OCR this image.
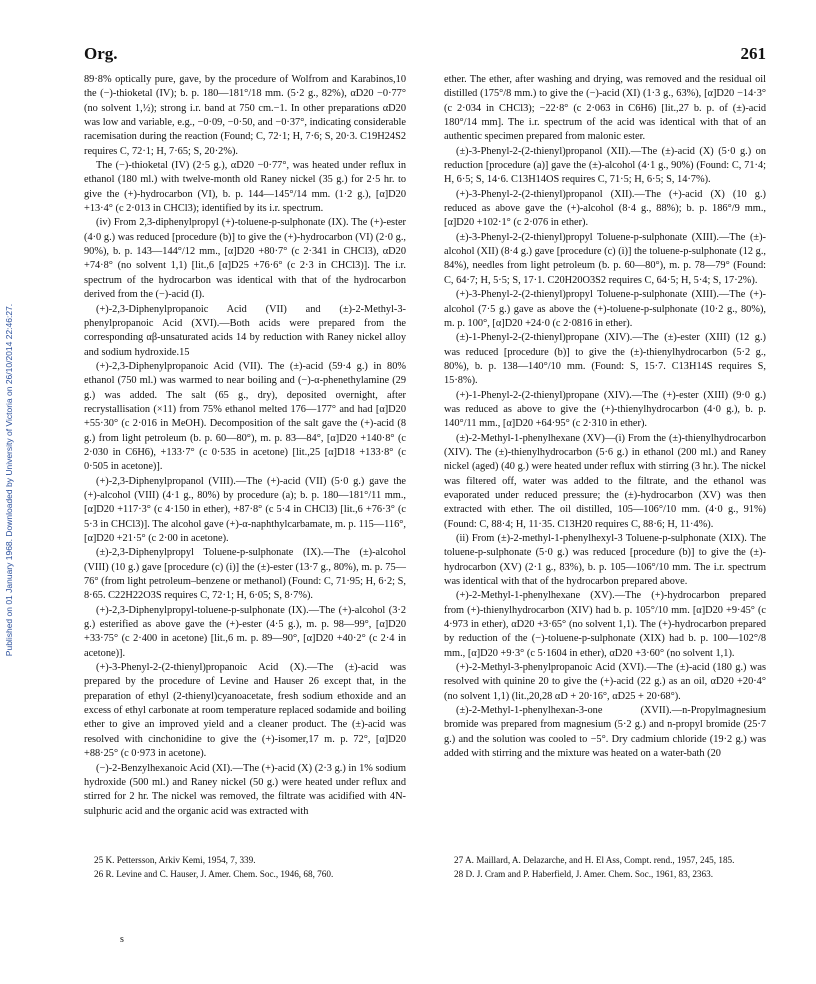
Published on 01 January 1968. Downloaded by University of Victoria on 26/10/2014 22:46:27.
Org.	261

89·8% optically pure, gave, by the procedure of Wolfrom and Karabinos,10 the (−)-thioketal (IV); b. p. 180—181°/18 mm. (5·2 g., 82%), αD20 −0·77° (no solvent 1,½); strong i.r. band at 750 cm.−1. In other preparations αD20 was low and variable, e.g., −0·09, −0·50, and −0·37°, indicating considerable racemisation during the reaction (Found; C, 72·1; H, 7·6; S, 20·3. C19H24S2 requires C, 72·1; H, 7·65; S, 20·2%).

The (−)-thioketal (IV) (2·5 g.), αD20 −0·77°, was heated under reflux in ethanol (180 ml.) with twelve-month old Raney nickel (35 g.) for 2·5 hr. to give the (+)-hydrocarbon (VI), b. p. 144—145°/14 mm. (1·2 g.), [α]D20 +13·4° (c 2·013 in CHCl3); identified by its i.r. spectrum.

(iv) From 2,3-diphenylpropyl (+)-toluene-p-sulphonate (IX). The (+)-ester (4·0 g.) was reduced [procedure (b)] to give the (+)-hydrocarbon (VI) (2·0 g., 90%), b. p. 143—144°/12 mm., [α]D20 +80·7° (c 2·341 in CHCl3), αD20 +74·8° (no solvent 1,1) [lit.,6 [α]D25 +76·6° (c 2·3 in CHCl3)]. The i.r. spectrum of the hydrocarbon was identical with that of the hydrocarbon derived from the (−)-acid (I).

(+)-2,3-Diphenylpropanoic Acid (VII) and (±)-2-Methyl-3-phenylpropanoic Acid (XVI).—Both acids were prepared from the corresponding αβ-unsaturated acids 14 by reduction with Raney nickel alloy and sodium hydroxide.15

(+)-2,3-Diphenylpropanoic Acid (VII). The (±)-acid (59·4 g.) in 80% ethanol (750 ml.) was warmed to near boiling and (−)-α-phenethylamine (29 g.) was added. The salt (65 g., dry), deposited overnight, after recrystallisation (×11) from 75% ethanol melted 176—177° and had [α]D20 +55·30° (c 2·016 in MeOH). Decomposition of the salt gave the (+)-acid (8 g.) from light petroleum (b. p. 60—80°), m. p. 83—84°, [α]D20 +140·8° (c 2·030 in C6H6), +133·7° (c 0·535 in acetone) [lit.,25 [α]D18 +133·8° (c 0·505 in acetone)].

(+)-2,3-Diphenylpropanol (VIII).—The (+)-acid (VII) (5·0 g.) gave the (+)-alcohol (VIII) (4·1 g., 80%) by procedure (a); b. p. 180—181°/11 mm., [α]D20 +117·3° (c 4·150 in ether), +87·8° (c 5·4 in CHCl3) [lit.,6 +76·3° (c 5·3 in CHCl3)]. The alcohol gave (+)-α-naphthylcarbamate, m. p. 115—116°, [α]D20 +21·5° (c 2·00 in acetone).

(±)-2,3-Diphenylpropyl Toluene-p-sulphonate (IX).—The (±)-alcohol (VIII) (10 g.) gave [procedure (c) (i)] the (±)-ester (13·7 g., 80%), m. p. 75—76° (from light petroleum–benzene or methanol) (Found: C, 71·95; H, 6·2; S, 8·65. C22H22O3S requires C, 72·1; H, 6·05; S, 8·7%).

(+)-2,3-Diphenylpropyl-toluene-p-sulphonate (IX).—The (+)-alcohol (3·2 g.) esterified as above gave the (+)-ester (4·5 g.), m. p. 98—99°, [α]D20 +33·75° (c 2·400 in acetone) [lit.,6 m. p. 89—90°, [α]D20 +40·2° (c 2·4 in acetone)].

(+)-3-Phenyl-2-(2-thienyl)propanoic Acid (X).—The (±)-acid was prepared by the procedure of Levine and Hauser 26 except that, in the preparation of ethyl (2-thienyl)cyanoacetate, fresh sodium ethoxide and an excess of ethyl carbonate at room temperature replaced sodamide and boiling ether to give an improved yield and a cleaner product. The (±)-acid was resolved with cinchonidine to give the (+)-isomer,17 m. p. 72°, [α]D20 +88·25° (c 0·973 in acetone).

(−)-2-Benzylhexanoic Acid (XI).—The (+)-acid (X) (2·3 g.) in 1% sodium hydroxide (500 ml.) and Raney nickel (50 g.) were heated under reflux and stirred for 2 hr. The nickel was removed, the filtrate was acidified with 4N-sulphuric acid and the organic acid was extracted with

ether. The ether, after washing and drying, was removed and the residual oil distilled (175°/8 mm.) to give the (−)-acid (XI) (1·3 g., 63%), [α]D20 −14·3° (c 2·034 in CHCl3); −22·8° (c 2·063 in C6H6) [lit.,27 b. p. of (±)-acid 180°/14 mm]. The i.r. spectrum of the acid was identical with that of an authentic specimen prepared from malonic ester.

(±)-3-Phenyl-2-(2-thienyl)propanol (XII).—The (±)-acid (X) (5·0 g.) on reduction [procedure (a)] gave the (±)-alcohol (4·1 g., 90%) (Found: C, 71·4; H, 6·5; S, 14·6. C13H14OS requires C, 71·5; H, 6·5; S, 14·7%).

(+)-3-Phenyl-2-(2-thienyl)propanol (XII).—The (+)-acid (X) (10 g.) reduced as above gave the (+)-alcohol (8·4 g., 88%); b. p. 186°/9 mm., [α]D20 +102·1° (c 2·076 in ether).

(±)-3-Phenyl-2-(2-thienyl)propyl Toluene-p-sulphonate (XIII).—The (±)-alcohol (XII) (8·4 g.) gave [procedure (c) (i)] the toluene-p-sulphonate (12 g., 84%), needles from light petroleum (b. p. 60—80°), m. p. 78—79° (Found: C, 64·7; H, 5·5; S, 17·1. C20H20O3S2 requires C, 64·5; H, 5·4; S, 17·2%).

(+)-3-Phenyl-2-(2-thienyl)propyl Toluene-p-sulphonate (XIII).—The (+)-alcohol (7·5 g.) gave as above the (+)-toluene-p-sulphonate (10·2 g., 80%), m. p. 100°, [α]D20 +24·0 (c 2·0816 in ether).

(±)-1-Phenyl-2-(2-thienyl)propane (XIV).—The (±)-ester (XIII) (12 g.) was reduced [procedure (b)] to give the (±)-thienylhydrocarbon (5·2 g., 80%), b. p. 138—140°/10 mm. (Found: S, 15·7. C13H14S requires S, 15·8%).

(+)-1-Phenyl-2-(2-thienyl)propane (XIV).—The (+)-ester (XIII) (9·0 g.) was reduced as above to give the (+)-thienylhydrocarbon (4·0 g.), b. p. 140°/11 mm., [α]D20 +64·95° (c 2·310 in ether).

(±)-2-Methyl-1-phenylhexane (XV)—(i) From the (±)-thienylhydrocarbon (XIV). The (±)-thienylhydrocarbon (5·6 g.) in ethanol (200 ml.) and Raney nickel (aged) (40 g.) were heated under reflux with stirring (3 hr.). The nickel was filtered off, water was added to the filtrate, and the ethanol was evaporated under reduced pressure; the (±)-hydrocarbon (XV) was then extracted with ether. The oil distilled, 105—106°/10 mm. (4·0 g., 91%) (Found: C, 88·4; H, 11·35. C13H20 requires C, 88·6; H, 11·4%).

(ii) From (±)-2-methyl-1-phenylhexyl-3 Toluene-p-sulphonate (XIX). The toluene-p-sulphonate (5·0 g.) was reduced [procedure (b)] to give the (±)-hydrocarbon (XV) (2·1 g., 83%), b. p. 105—106°/10 mm. The i.r. spectrum was identical with that of the hydrocarbon prepared above.

(+)-2-Methyl-1-phenylhexane (XV).—The (+)-hydrocarbon prepared from (+)-thienylhydrocarbon (XIV) had b. p. 105°/10 mm. [α]D20 +9·45° (c 4·973 in ether), αD20 +3·65° (no solvent 1,1). The (+)-hydrocarbon prepared by reduction of the (−)-toluene-p-sulphonate (XIX) had b. p. 100—102°/8 mm., [α]D20 +9·3° (c 5·1604 in ether), αD20 +3·60° (no solvent 1,1).

(+)-2-Methyl-3-phenylpropanoic Acid (XVI).—The (±)-acid (180 g.) was resolved with quinine 20 to give the (+)-acid (22 g.) as an oil, αD20 +20·4° (no solvent 1,1) (lit.,20,28 αD + 20·16°, αD25 + 20·68°).

(±)-2-Methyl-1-phenylhexan-3-one (XVII).—n-Propylmagnesium bromide was prepared from magnesium (5·2 g.) and n-propyl bromide (25·7 g.) and the solution was cooled to −5°. Dry cadmium chloride (19·2 g.) was added with stirring and the mixture was heated on a water-bath (20

25 K. Pettersson, Arkiv Kemi, 1954, 7, 339.

26 R. Levine and C. Hauser, J. Amer. Chem. Soc., 1946, 68, 760.

27 A. Maillard, A. Delazarche, and H. El Ass, Compt. rend., 1957, 245, 185.

28 D. J. Cram and P. Haberfield, J. Amer. Chem. Soc., 1961, 83, 2363.

s
